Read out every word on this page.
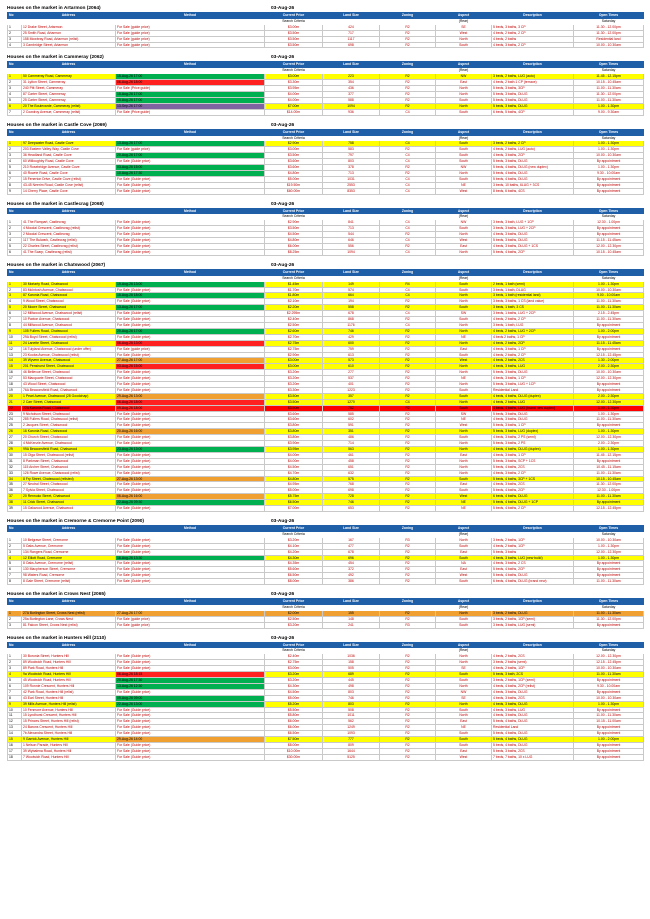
Houses on the market in Artarmon (2064)	03-Aug-26
No	Address	Method	Current Price	Land Size	Zoning	Aspect	Description	Open Times
			Search Criteria			(Rear)		Saturday
1	12 Drake Street, Artarmon	For Sale (guide price)	$3.00m	424	R2	SE	5 beds, 3 baths, 3 CP	11.30 - 12.00pm
2	25 Smith Road, Artarmon	For Sale (guide price)	$3.50m	717	R2	West	4 beds, 2 baths, 2 CP	11.30 - 12.00pm
3	158 Mowbray Road, Artarmon (relist)	For Sale (guide price)	$3.50m	1117	R2	North	4 beds, 2 baths	Residential land
4	3 Cambridge Street, Artarmon	For Sale (guide price)	$3.50m	698	R2	South	4 beds, 3 baths, 2 CP	10.00 - 10.30am
Houses on the market in Cammeray (2062)	03-Aug-26
No	Address	Method	Current Price	Land Size	Zoning	Aspect	Description	Open Times
			Search Criteria			(Rear)		Saturday
1	50 Cammeray Road, Cammeray	15-Aug-26 17:00	$3.00m	223	R2	NW	3 beds, 2 baths, LUG (auto)	11.45 - 12.15pm
2	31 Lytton Street, Cammeray	06-Aug-26 18:00	$3.30m	354	R2	East	4 beds, 2 bath 1 CP (terrace)	10.15 - 10.45am
3	240 Pitt Street, Cammeray	For Sale (Price guide)	$3.95m	436	R2	North	5 beds, 3 baths, 3CP	11.00 - 11.30am
4	87 Carter Street, Cammeray	15-Aug-26 17:00	$4.00m	377	R2	North	5 beds, 3 baths, DLUG	11.30 - 12.00pm
5	25 Carter Street, Cammeray	15-Aug-26 17:00	$4.00m	588	R2	South	5 beds, 3 baths, DLUG	11.00 - 11.30am
6	20 The Boulevarde, Cammeray (relist)	13-Sep-26 17:00	$7.00m	1094	R2	North	5 beds, 3 baths, DLUG	1.00 - 1.30pm
7	2 Cowdroy Avenue, Cammeray (relist)	For Sale (Price guide)	$14.00m	936	C4	South	6 beds, 5 baths, 4CP	9.00 - 9.30am
Houses on the market in Castle Cove (2069)	03-Aug-26
No	Address	Method	Current Price	Land Size	Zoning	Aspect	Description	Open Times
			Search Criteria			(Rear)		Saturday
1	97 Deepwater Road, Castle Cove	13-Aug-26 17:00	$2.90m	758	C4	South	3 beds, 2 baths, 2 CP	1.00 - 1.30pm
2	203 Eastern Valley Way, Castle Cove	For Sale (guide price)	$3.00m	583	R2	South	4 beds, 2 baths, LUG (auto)	1.00 - 1.30pm
3	36 Headland Road, Castle Cove	20-Aug-26 17:00	$3.50m	797	C4	South	4 beds, 3 baths, 2CP	10.00 - 10.30am
4	60 Willoughby Road, Castle Cove	For Sale (Guide price)	$3.60m	803	C4	South	5 beds, 3 baths, DLUG	By appointment
5	210 Rosebridge Avenue, Castle Cove	03-Aug-26 15:00	$3.60m	378	R2	NW	5 beds, 4 baths, DLUG (new duplex)	1.00 - 1.30pm
6	40 Rowrie Road, Castle Cove	10-Aug-26 17:30	$4.80m	713	R2	North	5 beds, 4 baths, DLUG	9.30 - 10.00am
7	15 Fenerton Drive, Castle Cove (relist)	For Sale (Guide price)	$5.00m	1031	C4	South	5 beds, 4 baths, DLUG	By appointment
8	43-45 Neerim Road, Castle Cove (relist)	For Sale (Guide price)	$19.50m	2553	C4	NE	3 beds, 10 baths, 6LUG + 3CS	By appointment
9	14 Cherry Place, Castle Cove	For Sale (Guide price)	$60.00m	8353	C4	West	8 beds, 6 baths, 4CS	By appointment
Houses on the market in Castlecrag (2068)	03-Aug-26
No	Address	Method	Current Price	Land Size	Zoning	Aspect	Description	Open Times
			Search Criteria			(Rear)		Saturday
1	41 The Rampart, Castlecrag	For Sale (Guide price)	$2.90m	841	C4	NW	3 beds, 3 bath, LUG + 1CP	12.30 - 1.00pm
2	4 Moodai Crescent, Castlecrag (relist)	For Sale (Guide price)	$3.50m	713	C4	South	3 beds, 3 baths, LUG + 2CP	By appointment
3	2 Moodai Crescent, Castlecrag	For Sale (Guide price)	$4.50m	544	R2	North	4 beds, 3 baths, DLUG	By appointment
4	117 The Bulwark, Castlecrag (relist)	For Sale (Guide price)	$4.80m	646	C4	West	5 beds, 3 baths, DLUG	11.15 - 11.45am
5	22 Charles Street, Castlecrag (relist)	For Sale (Guide price)	$6.00m	556	R2	East	4 beds, 3 baths, DLUG + 1CS	12.00 - 12.30pm
6	41 The Scarp, Castlecrag (relist)	For Sale (Guide price)	$8.25m	1094	C4	North	5 beds, 4 baths, 2CP	10.15 - 10.45am
Houses on the market in Chatswood (2067)	03-Aug-26
No	Address	Method	Current Price	Land Size	Zoning	Aspect	Description	Open Times
			Search Criteria			(Rear)		Saturday
1	30 Moriarty Road, Chatswood	19-Aug-26 13:00	$1.45m	149	R4	South	2 beds, 1 bath (semi)	1.00 - 1.30pm
2	83 McIntosh Avenue, Chatswood	For Sale (Guide price)	$1.70m	574	C4	South	3 beds, 1 bath, DLUG	10.00 - 10.30am
3	87 Karonia Road, Chatswood	15-Aug-26 18:00	$1.80m	664	C4	North	3 beds, 1 bath (residential land)	9.00 - 10.00am
4	9 Wood Street, Chatswood	For Sale (Guide price)	$2.10m	194	R2	North	3 beds, 3 baths, 1 CS (land value)	11.00 - 11.30am
5	20 Moore Street, Chatswood	13-Aug-26 17:00	$2.20m	558	R2	South	3 beds, 1 bath, 3 CS	11.00 - 11.30am
6	12 Millwood Avenue, Chatswood (relist)	For Sale (Guide price)	$2.295m	678	C4	SW	3 beds, 1 baths, LUG + 2CP	2.15 - 2.45pm
7	10 Paxton Avenue, Chatswood	For Sale (Guide price)	$2.40m	868	R2	South	4 beds, 2 baths, 2 CP	11.00 - 11.30am
8	44 Millwood Avenue, Chatswood	For Sale (Guide price)	$2.50m	1176	C4	North	3 beds, 1 bath, LUG	By appointment
9	105 Fullers Road, Chatswood	20-Aug-26 17:00	$2.60m	746	R2	North	4 beds, 2 baths, LUG + 2CP	1.00 - 2.00pm
10	29A Boyd Street, Chatswood (relist)	For Sale (Guide price)	$2.70m	429	R2	NE	4 beds 2 baths, 1 CP	By appointment
11	24 Lanette Street, Chatswood	06-Aug-26 13:00	$2.75m	600	R2	North	4 beds, 2 baths, 2CP	11.15 - 11.45am
12	16 Tulyland Avenue, Chatswood (under offer)	For Sale (guide price)	$2.75m	759	R2	East	4 beds, 3 baths, 1 CP	By appointment
13	23 Kooba Avenue, Chatswood (relist)	For Sale (Guide price)	$2.90m	613	R2	South	4 beds, 2 baths, 2 CP	12.15 - 12.45pm
14	39 Wyvern Avenue, Chatswood	27-Aug-26 17:00	$3.00m	573	R2	West	4 beds, 2 baths, 2CS	1.30 - 2.00pm
15	201 Penshurst Street, Chatswood	03-Aug-26 15:00	$3.00m	610	R2	North	4 beds, 3 baths, LUG	2.00 - 2.30pm
16	46 Bellevue Street, Chatswood	For Sale (Guide price)	$3.20m	277	R2	North	5 beds, 3 baths, DLUG	10.00 - 10.30am
17	53 Macquarie Street, Chatswood	For Sale (Guide price)	$3.20m	537	R2	NE	4 beds, 3 baths, 1 CP	12.00 - 12.30pm
18	43 Wood Street, Chatswood	For Sale (Guide price)	$3.20m	401	R2	North	5 beds, 3 baths, LUG + 1CP	By appointment
19	76A Beaconsfield Road, Chatswood	For Sale (Guide price)	$3.30m	1223	R2	South	Residential Land	By appointment
20	1 Pearl Avenue, Chatswood (28 Goodchap)	29-Aug-26 13:00	$3.50m	357	R2	South	4 beds, 4 baths, DLUG (duplex)	2.00 - 2.30pm
21	2 Carr Street, Chatswood	06-Aug-26 18:00	$3.50m	1270	C4	North	4 beds, 2 baths, LUG	12.00 - 12.30pm
22	22A Karonia Road, Chatswood	09-Aug-26 18:00	$3.50m	752	R2	South	4 beds, 4 baths, LUG (brand new duplex)	1.00 - 1.30pm
23	9 Nicholson Street, Chatswood	For Sale (Guide price)	$3.60m	585	R2	SW	5 beds, 3 baths, DLUG	1.00 - 1.30pm
24	285 Fullers Road, Chatswood (relist)	For Sale (Guide price)	$3.60m	602	R2	NE	4 beds, 3 baths, DLUG	11.00 - 11.30am
25	2 Jacques Street, Chatswood	For Sale (Guide price)	$3.80m	591	R2	West	5 beds, 3 baths, 1 CP	By appointment
26	16 Karonia Road, Chatswood	20-Aug-26 16:00	$3.80m	351	R2	North	5 beds, 3 baths, LUG (duplex)	1.00 - 1.30pm
27	20 Church Street, Chatswood	For Sale (Guide price)	$3.80m	486	R2	South	4 beds, 3 baths, 2 PS (semi)	12.00 - 12.30pm
28	4 McKenzie Avenue, Chatswood	For Sale (Guide price)	$3.90m	714	R2	North	5 beds, 3 baths, 2 PS	2.00 - 2.30pm
29	99A Beaconsfield Road, Chatswood	23-Aug-26 13:00	$3.95m	563	R2	North	4 beds, 4 baths, DLUG (duplex)	1.00 - 1.30pm
30	15 Olga Street, Chatswood (relist)	For Sale (Guide price)	$4.00m	461	R2	East	4 beds, 3 baths, 1 CP	11.45 - 12.15pm
31	8 Parkman Street, Chatswood	For Sale (Guide price)	$4.00m	458	R2	North	5 beds, 3 baths, SCP + 1CS	By appointment
32	115 Archer Street, Chatswood	For Sale (Guide price)	$4.50m	651	R2	North	5 beds, 4 baths, 2CS	10.45 - 11.15am
33	126 Rowe Avenue, Chatswood (relist)	For Sale (Guide price)	$4.70m	632	R2	North	4 beds, 3 baths, 2 CP	11.00 - 11.30am
34	8 Fry Street, Chatswood (relisted)	27-Aug-26 13:00	$4.80m	575	R2	South	5 beds, 4 baths, 3CP + 1CS	10.15 - 10.45am
35	27 Neutral Street, Chatswood	For Sale (Guide price)	$4.95m	768	R2	East	4 beds, 3 baths, 2CS	11.30 - 12.00pm
36	7 Sylvia Street, Chatswood	For Sale (Guide price)	$5.00m	698	R2	South	5 beds, 4 baths, 2CP	12.30 - 1.00pm
37	20 Rennuko Street, Chatswood	06-Aug-26 16:00	$5.75m	728	R2	West	6 beds, 4 baths, DLUG	11.00 - 11.30am
38	11 Crick Street, Chatswood	22-Aug-26 09:30	$6.50m	746	R2	NE	5 beds, 4 baths, DLUG + 1CP	By appointment
39	15 Oakwood Avenue, Chatswood	For Sale (Guide price)	$7.00m	653	R2	NE	5 beds, 4 baths, 2 CP	12.15 - 12.45pm
Houses on the market in Cremorne & Cremorne Point (2090)	03-Aug-26
No	Address	Method	Current Price	Land Size	Zoning	Aspect	Description	Open Times
			Search Criteria			(Rear)		Saturday
1	10 Belgrave Street, Cremorne	For Sale (Guide price)	$3.20m	167	R3	North	3 beds, 2 baths, 1CP	10.00 - 10.30am
2	5 Oaks Avenue, Cremorne	For Sale (Guide price)	$4.10m	477	R2	South	4 beds, 2 baths, 1CP	1.00 - 1.30pm
3	134 Rangers Road, Cremorne	For Sale (Guide price)	$4.20m	678	R2	East	5 beds, 3 baths	12.00 - 12.30pm
4	12 Elliott Road, Cremorne	16-Aug-26 13:30	$4.30m	696	R2	South	4 beds, 3 baths, LUG (new build)	1.00 - 1.30pm
5	8 Oaks Avenue, Cremorne (relist)	For Sale (Guide price)	$4.35m	454	R2	NA	4 beds, 3 baths, 2 CS	By appointment
6	130 Macpherson Street, Cremorne	For Sale (Guide price)	$5.60m	372	R2	East	5 beds, 4 baths, 2CP	By appointment
7	98 Waters Road, Cremorne	For Sale (Guide price)	$6.50m	492	R2	West	5 beds, 4 baths, DLUG	By appointment
8	8 Gale Street, Cremorne (relist)	For Sale (Guide price)	$8.00m	386	R2	South	6 beds, 4 baths, DLUG (brand new)	11.00 - 11.30am
Houses on the market in Crows Nest (2065)	03-Aug-26
No	Address	Method	Current Price	Land Size	Zoning	Aspect	Description	Open Times
			Search Criteria			(Rear)		Saturday
1	27A Burlington Street, Crows Nest (relist)	27-Aug-26 17:00	$2.00m	155	R2	North	3 beds, 2 baths, DLUG	11.00 - 11.30am
2	25a Burlington Lane, Crows Nest	For Sale (guide price)	$2.50m	148	R2	South	3 beds, 2 baths, 1CP (semi)	11.30 - 12.00pm
3	81 Falcon Street, Crows Nest (relist)	For Sale (guide price)	$3.20m	241	R3	South	3 beds, 3 baths, LUG (semi)	By appointment
Houses on the market in Hunters Hill (2110)	03-Aug-26
No	Address	Method	Current Price	Land Size	Zoning	Aspect	Description	Open Times
			Search Criteria			(Rear)		Saturday
1	30 Boronia Street, Hunters Hill	For Sale (Guide price)	$2.40m	1036	R2	North	4 beds, 2 baths, 2CS	12.00 - 12.30pm
2	89 Woolwich Road, Hunters Hill	For Sale (Guide price)	$2.75m	158	R2	North	3 beds, 2 baths (semi)	12.15 - 12.45pm
3	89 Park Road, Hunters Hill	For Sale (Guide price)	$3.00m	505	R2	SE	4 beds, 2 baths, 1CP	10.00 - 10.30am
4	9a Woolwich Road, Hunters Hill	06-Aug-26 18:15	$3.20m	689	R2	South	5 beds, 3 bath, 2CS	11.00 - 11.30am
5	45 Woolwich Road, Hunters Hill	20-Aug-26 17:30	$3.20m	445	R2	South	3 beds, 2 baths, 1CP (semi)	By appointment
6	109 Ronnie Crescent, Hunters Hill	13-Aug-26 12:30	$4.30m	498	R2	North	4 beds, 4 baths, 2CP (relist)	9.30 - 10.00am
7	42 Park Road, Hunters Hill (relist)	For Sale (Guide price)	$4.50m	803	R2	NW	4 beds, 3 baths, DLUG	By appointment
8	43 Earl Street, Hunters Hill	09-Aug-26 09:00	$5.00m	746	R2	SE	4 beds, 3 baths, 2CS	10.00 - 10.30am
9	39 Mills Avenue, Hunters Hill (relist)	22-Aug-26 13:00	$5.20m	803	R2	North	4 beds, 3 baths, DLUG	1.00 - 1.30pm
10	10 Fenmore Avenue, Hunters Hill	For Sale (Guide price)	$5.50m	508	R2	South	4 beds, 3 baths, LUG	By appointment
11	15 Lyndhurst Crescent, Hunters Hill	For Sale (Guide price)	$5.80m	1011	R2	North	4 beds, 3 baths, DLUG	11.00 - 11.30am
12	15 Princes Street, Hunters Hill (relist)	For Sale (Guide price)	$6.00m	562	R2	East	5 beds, 4 baths, DLUG	10.15 - 11.00am
13	24 Barons Crescent, Hunters Hill	For Sale (Guide price)	$6.00m	1249	R2	NE	Residential Land	By appointment
14	7b Alexandra Street, Hunters Hill	For Sale (Guide price)	$6.50m	1093	R2	South	5 beds, 4 baths, DLUG	By appointment
15	9 Garrick Avenue, Hunters Hill	29-Aug-26 14:00	$7.50m	777	R2	South	5 beds, 4 baths, DLUG	1.00 - 2.00pm
16	1 Nelson Parade, Hunters Hill	For Sale (Guide price)	$8.00m	809	R2	South	5 beds, 4 baths, DLUG	By appointment
17	39 Wybalena Road, Hunters Hill	For Sale (Guide price)	$10.00m	1644	R2	East	5 beds, 3 baths, 2CS	By appointment
18	7 Woolwich Road, Hunters Hill	For Sale (Guide price)	$30.00m	5125	R2	West	7 beds, 7 baths, 10 x LUG	By appointment
